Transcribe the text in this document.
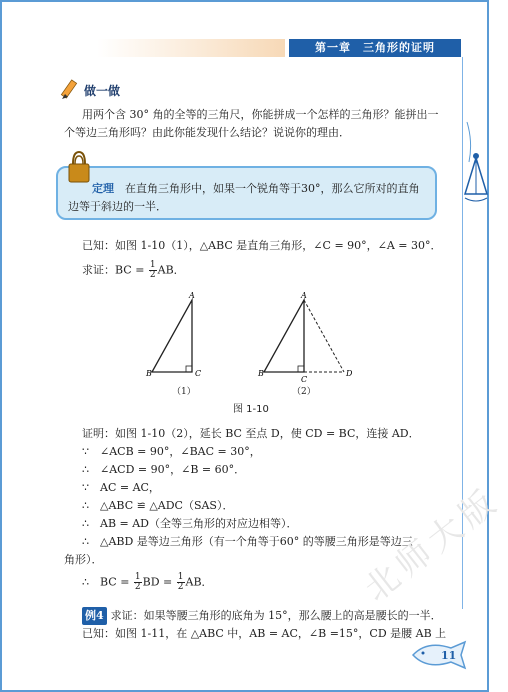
第一章　三角形的证明
做一做
用两个含 30° 角的全等的三角尺，你能拼成一个怎样的三角形？能拼出一
个等边三角形吗？由此你能发现什么结论？说说你的理由．
定理　 在直角三角形中，如果一个锐角等于30°，那么它所对的直角
边等于斜边的一半．
已知：如图 1-10（1），△ABC 是直角三角形，∠C = 90°，∠A = 30°．
求证：BC = $\frac{1}{2}$ AB．
A
B	C
A
B
C
D
（1）	（2）
图 1-10
证明：如图 1-10（2），延长 BC 至点 D，使 CD = BC，连接 AD．
∵　∠ACB = 90°，∠BAC = 30°，
∴　∠ACD = 90°，∠B = 60°．
∵　AC = AC，
∴　△ABC ≌ △ADC（SAS）．
∴　AB = AD（全等三角形的对应边相等）．
∴　△ABD 是等边三角形（有一个角等于60° 的等腰三角形是等边三
角形）．
∴　BC = $\frac{1}{2}$ BD = $\frac{1}{2}$ AB．
例4 求证：如果等腰三角形的底角为 15°，那么腰上的高是腰长的一半．
已知：如图 1-11，在 △ABC 中，AB = AC，∠B =15°，CD 是腰 AB 上
北师大版
11
